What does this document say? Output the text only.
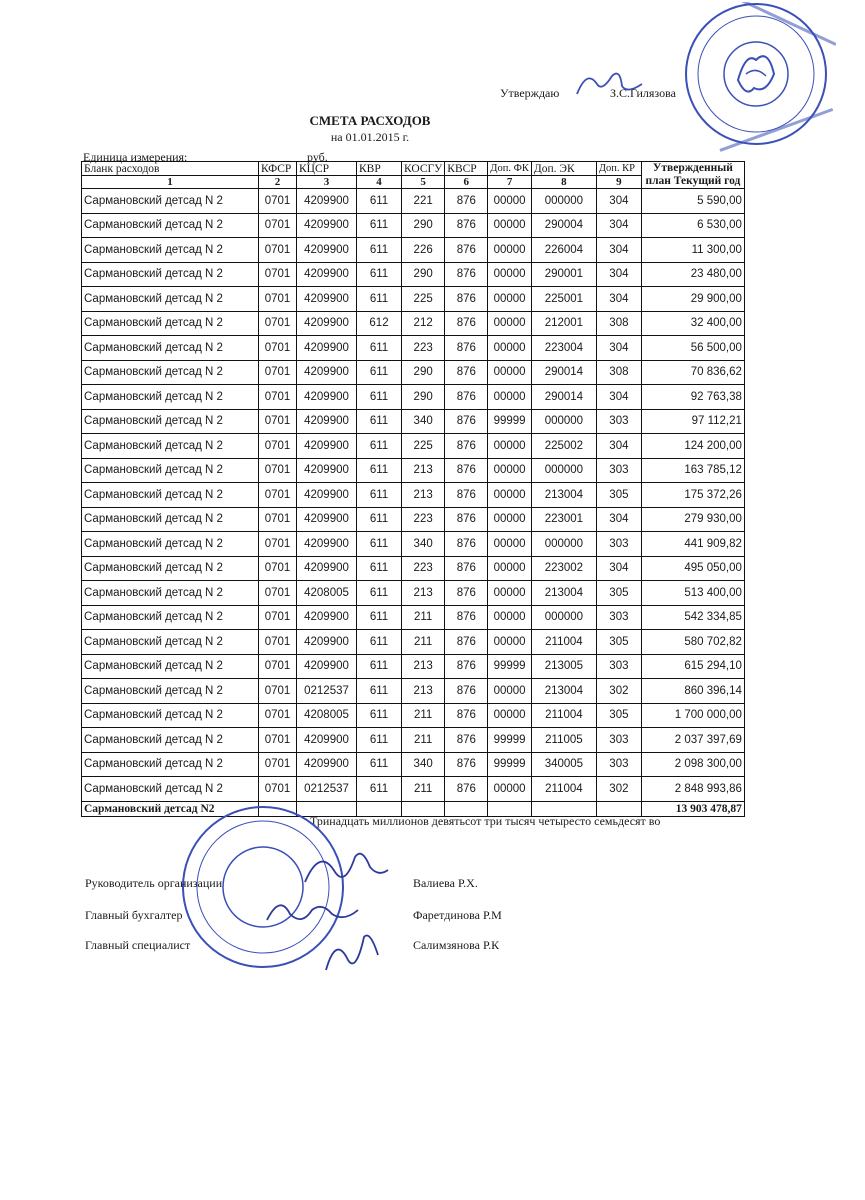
Утверждаю	З.С.Гилязова
СМЕТА РАСХОДОВ
на 01.01.2015 г.
Единица измерения:	руб.
Бланк расходов	КФСР	КЦСР	КВР	КОСГУ	КВСР	Доп. ФК	Доп. ЭК	Доп. КР	Утвержденный
план Текущий год

1	2	3	4	5	6	7	8	9	
Сармановский детсад N 2	0701	4209900	611	221	876	00000	000000	304	5 590,00
Сармановский детсад N 2	0701	4209900	611	290	876	00000	290004	304	6 530,00
Сармановский детсад N 2	0701	4209900	611	226	876	00000	226004	304	11 300,00
Сармановский детсад N 2	0701	4209900	611	290	876	00000	290001	304	23 480,00
Сармановский детсад N 2	0701	4209900	611	225	876	00000	225001	304	29 900,00
Сармановский детсад N 2	0701	4209900	612	212	876	00000	212001	308	32 400,00
Сармановский детсад N 2	0701	4209900	611	223	876	00000	223004	304	56 500,00
Сармановский детсад N 2	0701	4209900	611	290	876	00000	290014	308	70 836,62
Сармановский детсад N 2	0701	4209900	611	290	876	00000	290014	304	92 763,38
Сармановский детсад N 2	0701	4209900	611	340	876	99999	000000	303	97 112,21
Сармановский детсад N 2	0701	4209900	611	225	876	00000	225002	304	124 200,00
Сармановский детсад N 2	0701	4209900	611	213	876	00000	000000	303	163 785,12
Сармановский детсад N 2	0701	4209900	611	213	876	00000	213004	305	175 372,26
Сармановский детсад N 2	0701	4209900	611	223	876	00000	223001	304	279 930,00
Сармановский детсад N 2	0701	4209900	611	340	876	00000	000000	303	441 909,82
Сармановский детсад N 2	0701	4209900	611	223	876	00000	223002	304	495 050,00
Сармановский детсад N 2	0701	4208005	611	213	876	00000	213004	305	513 400,00
Сармановский детсад N 2	0701	4209900	611	211	876	00000	000000	303	542 334,85
Сармановский детсад N 2	0701	4209900	611	211	876	00000	211004	305	580 702,82
Сармановский детсад N 2	0701	4209900	611	213	876	99999	213005	303	615 294,10
Сармановский детсад N 2	0701	0212537	611	213	876	00000	213004	302	860 396,14
Сармановский детсад N 2	0701	4208005	611	211	876	00000	211004	305	1 700 000,00
Сармановский детсад N 2	0701	4209900	611	211	876	99999	211005	303	2 037 397,69
Сармановский детсад N 2	0701	4209900	611	340	876	99999	340005	303	2 098 300,00
Сармановский детсад N 2	0701	0212537	611	211	876	00000	211004	302	2 848 993,86
Сармановский детсад N2									13 903 478,87
Тринадцать миллионов девятьсот три тысяч четыресто семьдесят во
Руководитель организации	Валиева Р.Х.
Главный бухгалтер	Фаретдинова Р.М
Главный специалист	Салимзянова Р.К
